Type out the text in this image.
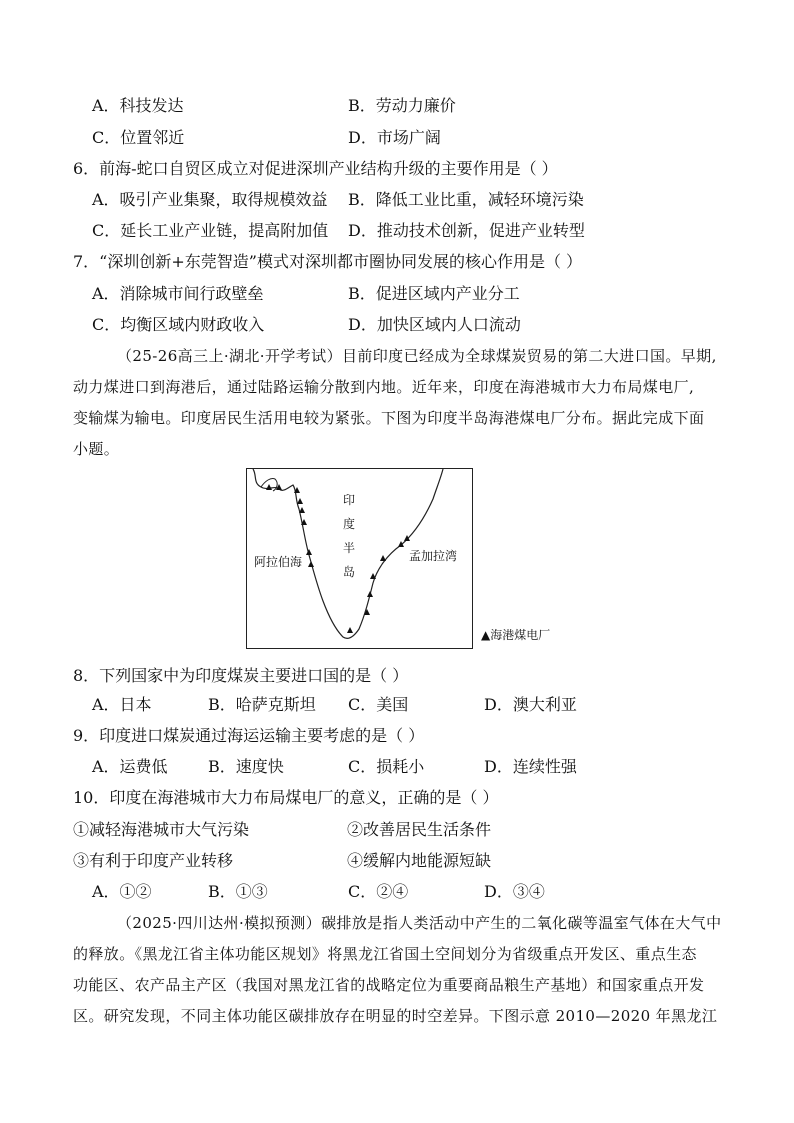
A．科技发达	B．劳动力廉价
C．位置邻近	D．市场广阔
6．前海-蛇口自贸区成立对促进深圳产业结构升级的主要作用是（ ）
A．吸引产业集聚，取得规模效益 B．降低工业比重，减轻环境污染
C．延长工业产业链，提高附加值 D．推动技术创新，促进产业转型
7．“深圳创新+东莞智造”模式对深圳都市圈协同发展的核心作用是（ ）
A．消除城市间行政壁垒	B．促进区域内产业分工
C．均衡区域内财政收入	D．加快区域内人口流动

（25-26高三上·湖北·开学考试）目前印度已经成为全球煤炭贸易的第二大进口国。早期,

动力煤进口到海港后，通过陆路运输分散到内地。近年来，印度在海港城市大力布局煤电厂,

变输煤为输电。印度居民生活用电较为紧张。下图为印度半岛海港煤电厂分布。据此完成下面

小题。

印
度
半
岛
阿拉伯海	孟加拉湾
▲海港煤电厂
8．下列国家中为印度煤炭主要进口国的是（ ）
A．日本	B．哈萨克斯坦 C．美国	D．澳大利亚
9．印度进口煤炭通过海运运输主要考虑的是（ ）
A．运费低	B．速度快	C．损耗小	D．连续性强
10．印度在海港城市大力布局煤电厂的意义，正确的是（ ）
①减轻海港城市大气污染	②改善居民生活条件
③有利于印度产业转移	④缓解内地能源短缺
A．①②	B．①③	C．②④	D．③④

（2025·四川达州·模拟预测）碳排放是指人类活动中产生的二氧化碳等温室气体在大气中

的释放。《黑龙江省主体功能区规划》将黑龙江省国土空间划分为省级重点开发区、重点生态

功能区、农产品主产区（我国对黑龙江省的战略定位为重要商品粮生产基地）和国家重点开发

区。研究发现，不同主体功能区碳排放存在明显的时空差异。下图示意 2010—2020 年黑龙江
